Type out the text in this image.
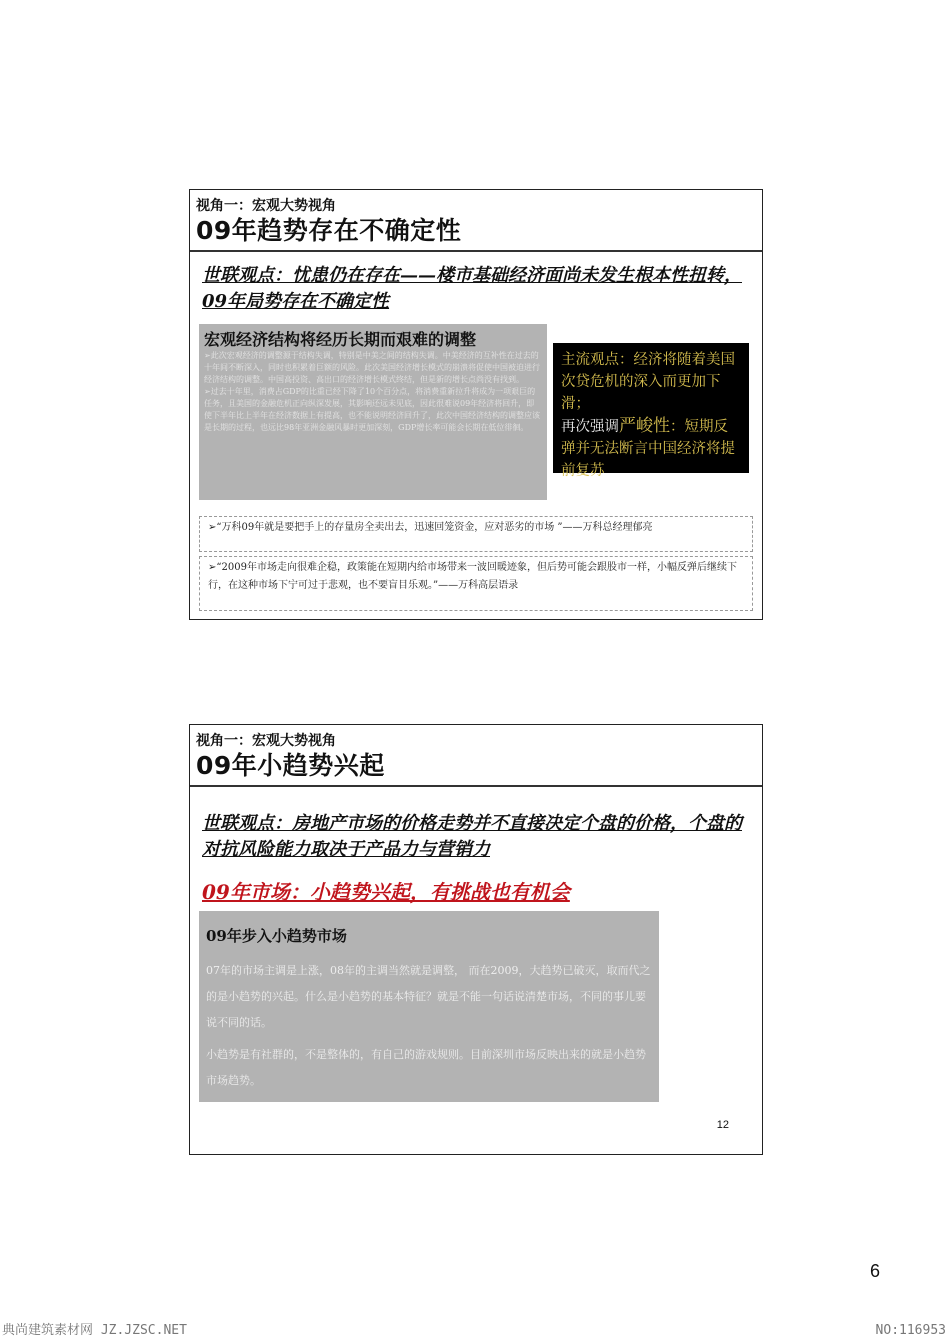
视角一：宏观大势视角
09年趋势存在不确定性
世联观点：忧患仍在存在——楼市基础经济面尚未发生根本性扭转，09年局势存在不确定性
宏观经济结构将经历长期而艰难的调整
➢此次宏观经济的调整源于结构失调，特别是中美之间的结构失调。中美经济的互补性在过去的十年间不断深入，同时也积累着巨额的风险。此次美国经济增长模式的崩溃将促使中国被迫进行经济结构的调整。中国高投资、高出口的经济增长模式终结，但是新的增长点尚没有找到。
➢过去十年里，消费占GDP的比重已经下降了10个百分点，将消费重新拉升将成为一项艰巨的任务，且美国的金融危机正向纵深发展，其影响还远未见底，因此很难说09年经济将回升，即使下半年比上半年在经济数据上有提高，也不能说明经济回升了，此次中国经济结构的调整应该是长期的过程，也远比98年亚洲金融风暴时更加深刻，GDP增长率可能会长期在低位徘徊。
主流观点：经济将随着美国次贷危机的深入而更加下滑；
再次强调严峻性：短期反弹并无法断言中国经济将提前复苏
➢“万科09年就是要把手上的存量房全卖出去，迅速回笼资金，应对恶劣的市场 ”——万科总经理郁亮
➢“2009年市场走向很难企稳，政策能在短期内给市场带来一波回暖迹象，但后势可能会跟股市一样，小幅反弹后继续下行，在这种市场下宁可过于悲观，也不要盲目乐观。”——万科高层语录
视角一：宏观大势视角
09年小趋势兴起
世联观点：房地产市场的价格走势并不直接决定个盘的价格，个盘的对抗风险能力取决于产品力与营销力
09年市场：小趋势兴起，有挑战也有机会
09年步入小趋势市场
07年的市场主调是上涨，08年的主调当然就是调整， 而在2009，大趋势已破灭，取而代之的是小趋势的兴起。什么是小趋势的基本特征？就是不能一句话说清楚市场，不同的事儿要说不同的话。
小趋势是有社群的，不是整体的，有自己的游戏规则。目前深圳市场反映出来的就是小趋势市场趋势。
12
6
典尚建筑素材网 JZ.JZSC.NET	NO:116953
